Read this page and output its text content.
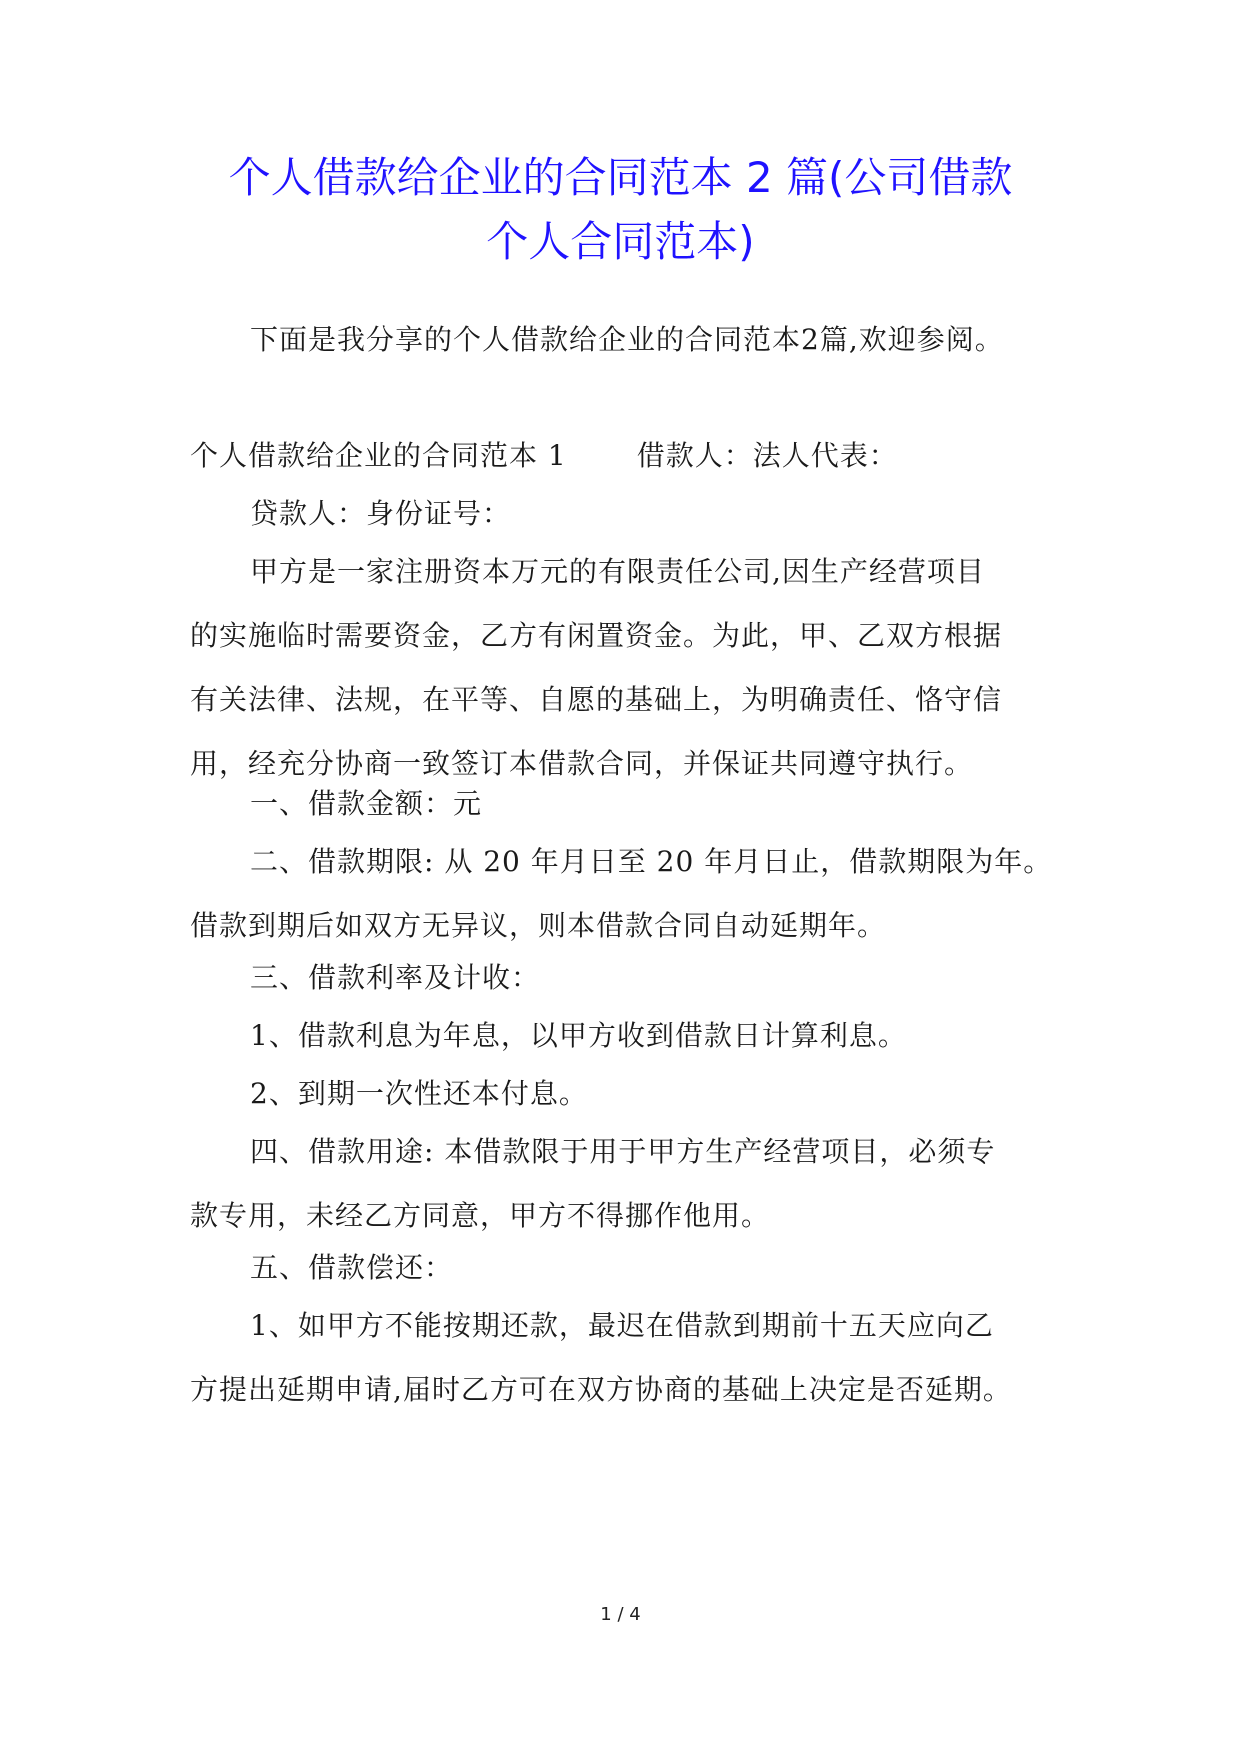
个人借款给企业的合同范本 2 篇(公司借款
个人合同范本)
下面是我分享的个人借款给企业的合同范本2篇,欢迎参阅。
个人借款给企业的合同范本 1	借款人：法人代表：
贷款人：身份证号：
甲方是一家注册资本万元的有限责任公司,因生产经营项目
的实施临时需要资金，乙方有闲置资金。为此，甲、乙双方根据
有关法律、法规，在平等、自愿的基础上，为明确责任、恪守信
用，经充分协商一致签订本借款合同，并保证共同遵守执行。
一、借款金额：元
二、借款期限: 从 20 年月日至 20 年月日止，借款期限为年。
借款到期后如双方无异议，则本借款合同自动延期年。
三、借款利率及计收：
1、借款利息为年息，以甲方收到借款日计算利息。
2、到期一次性还本付息。
四、借款用途: 本借款限于用于甲方生产经营项目，必须专
款专用，未经乙方同意，甲方不得挪作他用。
五、借款偿还：
1、如甲方不能按期还款，最迟在借款到期前十五天应向乙
方提出延期申请,届时乙方可在双方协商的基础上决定是否延期。
1 / 4
